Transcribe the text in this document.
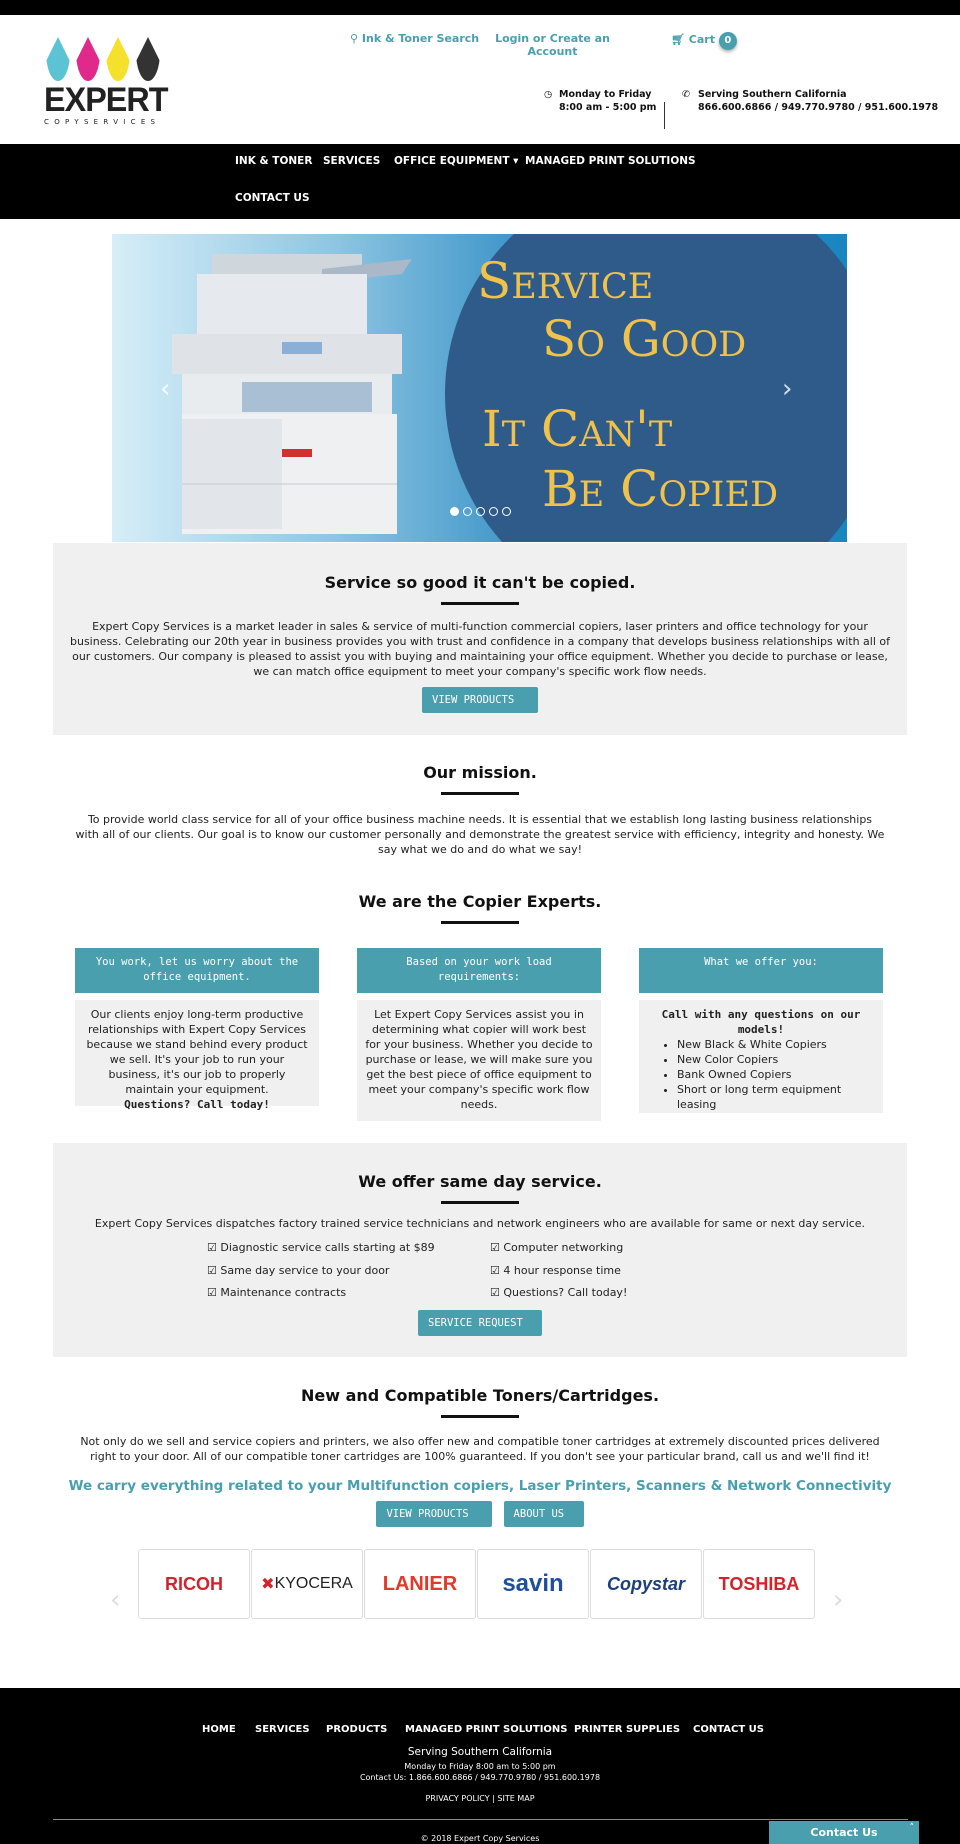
EXPERT
COPYSERVICES
⚲ Ink & Toner Search Login or Create an Account
🛒︎ Cart 0
◷ Monday to Friday
8:00 am - 5:00 pm
✆ Serving Southern California
866.600.6866 / 949.770.9780 / 951.600.1978
INK & TONER SERVICES OFFICE EQUIPMENT ▾ MANAGED PRINT SOLUTIONS
CONTACT US
Service
So Good
It Can't
Be Copied
‹	›
Service so good it can't be copied.
Expert Copy Services is a market leader in sales & service of multi-function commercial copiers, laser printers and office technology for your business. Celebrating our 20th year in business provides you with trust and confidence in a company that develops business relationships with all of our customers. Our company is pleased to assist you with buying and maintaining your office equipment. Whether you decide to purchase or lease, we can match office equipment to meet your company's specific work flow needs.
VIEW PRODUCTS
Our mission.
To provide world class service for all of your office business machine needs. It is essential that we establish long lasting business relationships with all of our clients. Our goal is to know our customer personally and demonstrate the greatest service with efficiency, integrity and honesty. We say what we do and do what we say!
We are the Copier Experts.
You work, let us worry about the office equipment.
Our clients enjoy long-term productive relationships with Expert Copy Services because we stand behind every product we sell. It's your job to run your business, it's our job to properly maintain your equipment.
Questions? Call today!
Based on your work load requirements:
Let Expert Copy Services assist you in determining what copier will work best for your business. Whether you decide to purchase or lease, we will make sure you get the best piece of office equipment to meet your company's specific work flow needs.
What we offer you:
Call with any questions on our models!
• New Black & White Copiers
• New Color Copiers
• Bank Owned Copiers
• Short or long term equipment leasing
We offer same day service.
Expert Copy Services dispatches factory trained service technicians and network engineers who are available for same or next day service.
☑ Diagnostic service calls starting at $89
☑ Same day service to your door
☑ Maintenance contracts
☑ Computer networking
☑ 4 hour response time
☑ Questions? Call today!
SERVICE REQUEST
New and Compatible Toners/Cartridges.
Not only do we sell and service copiers and printers, we also offer new and compatible toner cartridges at extremely discounted prices delivered right to your door. All of our compatible toner cartridges are 100% guaranteed. If you don't see your particular brand, call us and we'll find it!
We carry everything related to your Multifunction copiers, Laser Printers, Scanners & Network Connectivity
VIEW PRODUCTS	ABOUT US
‹	›
RICOH	✖ KYOCERA	LANIER	savin	Copystar	TOSHIBA
HOME SERVICES PRODUCTS MANAGED PRINT SOLUTIONS PRINTER SUPPLIES CONTACT US
Serving Southern California
Monday to Friday 8:00 am to 5:00 pm
Contact Us: 1.866.600.6866 / 949.770.9780 / 951.600.1978
PRIVACY POLICY | SITE MAP
© 2018 Expert Copy Services	Contact Us	˄
